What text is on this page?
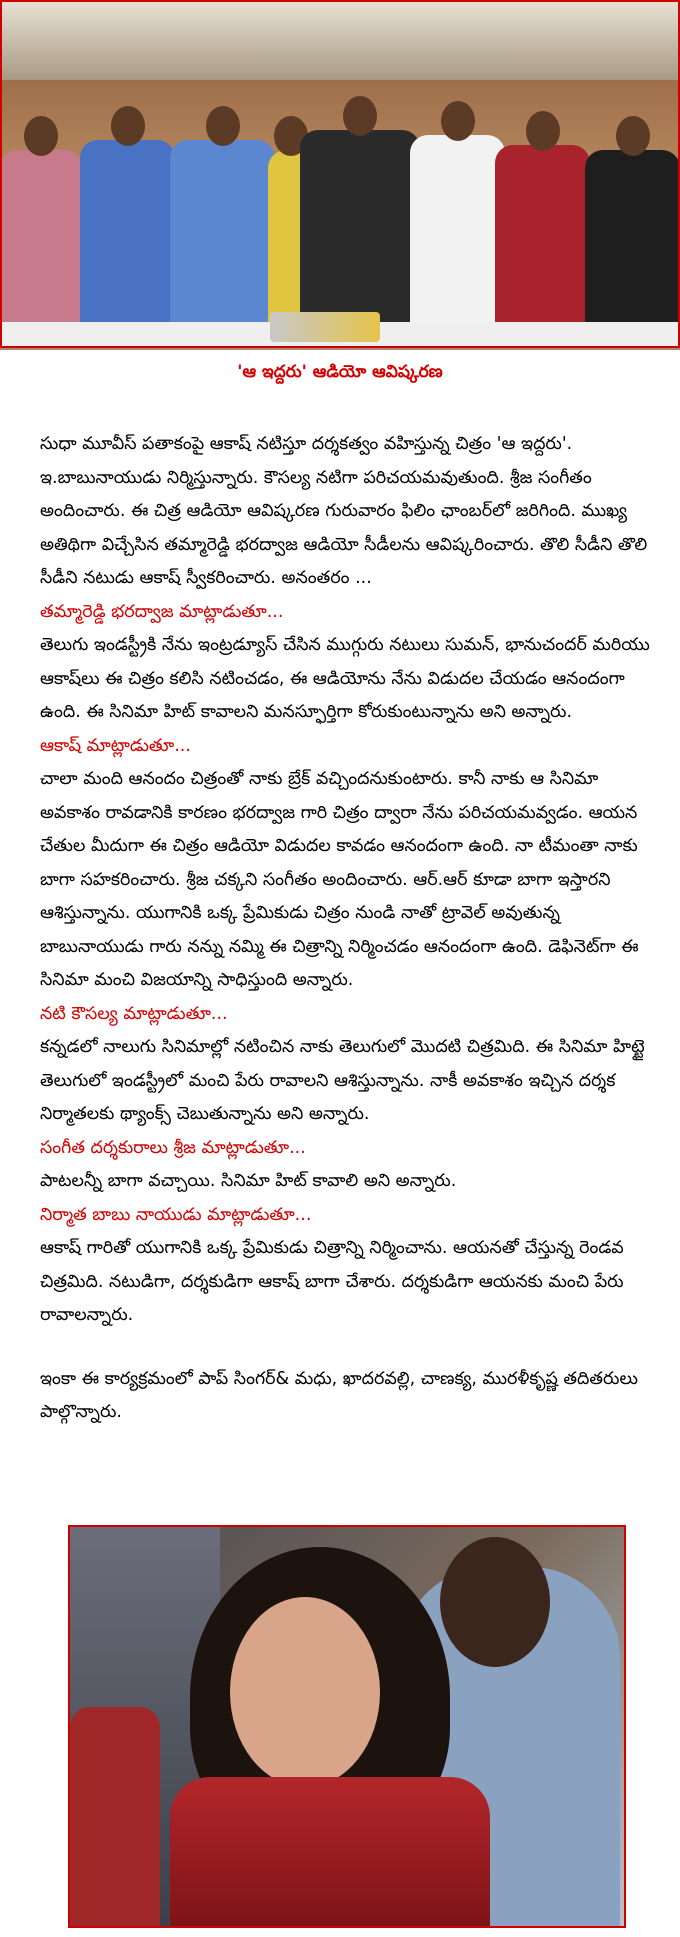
'ఆ ఇద్దరు' ఆడియో ఆవిష్కరణ

సుధా మూవీస్ పతాకంపై ఆకాష్ నటిస్తూ దర్శకత్వం వహిస్తున్న చిత్రం 'ఆ ఇద్దరు'. ఇ.బాబునాయుడు నిర్మిస్తున్నారు. కౌసల్య నటిగా పరిచయమవుతుంది. శ్రీజ సంగీతం అందించారు. ఈ చిత్ర ఆడియో ఆవిష్కరణ గురువారం ఫిలిం ఛాంబర్‌లో జరిగింది. ముఖ్య అతిథిగా విచ్చేసిన తమ్మారెడ్డి భరద్వాజ ఆడియో సీడీలను ఆవిష్కరించారు. తొలి సీడీని తొలి సీడీని నటుడు ఆకాష్ స్వీకరించారు. అనంతరం ...

తమ్మారెడ్డి భరద్వాజ మాట్లాడుతూ...

తెలుగు ఇండస్ట్రీకి నేను ఇంట్రడ్యూస్ చేసిన ముగ్గురు నటులు సుమన్, భానుచందర్ మరియు ఆకాష్‌లు ఈ చిత్రం కలిసి నటించడం, ఈ ఆడియోను నేను విడుదల చేయడం ఆనందంగా ఉంది. ఈ సినిమా హిట్ కావాలని మనస్ఫూర్తిగా కోరుకుంటున్నాను అని అన్నారు.

ఆకాష్ మాట్లాడుతూ...

చాలా మంది ఆనందం చిత్రంతో నాకు బ్రేక్ వచ్చిందనుకుంటారు. కానీ నాకు ఆ సినిమా అవకాశం రావడానికి కారణం భరద్వాజ గారి చిత్రం ద్వారా నేను పరిచయమవ్వడం. ఆయన చేతుల మీదుగా ఈ చిత్రం ఆడియో విడుదల కావడం ఆనందంగా ఉంది. నా టీమంతా నాకు బాగా సహకరించారు. శ్రీజ చక్కని సంగీతం అందించారు. ఆర్.ఆర్ కూడా బాగా ఇస్తారని ఆశిస్తున్నాను. యుగానికి ఒక్క ప్రేమికుడు చిత్రం నుండి నాతో ట్రావెల్ అవుతున్న బాబునాయుడు గారు నన్ను నమ్మి ఈ చిత్రాన్ని నిర్మించడం ఆనందంగా ఉంది. డెఫినెట్‌గా ఈ సినిమా మంచి విజయాన్ని సాధిస్తుంది అన్నారు.

నటి కౌసల్య మాట్లాడుతూ...

కన్నడలో నాలుగు సినిమాల్లో నటించిన నాకు తెలుగులో మొదటి చిత్రమిది. ఈ సినిమా హిట్టై తెలుగులో ఇండస్ట్రీలో మంచి పేరు రావాలని ఆశిస్తున్నాను. నాకీ అవకాశం ఇచ్చిన దర్శక నిర్మాతలకు థ్యాంక్స్ చెబుతున్నాను అని అన్నారు.

సంగీత దర్శకురాలు శ్రీజ మాట్లాడుతూ...

పాటలన్నీ బాగా వచ్చాయి. సినిమా హిట్ కావాలి అని అన్నారు.

నిర్మాత బాబు నాయుడు మాట్లాడుతూ...

ఆకాష్ గారితో యుగానికి ఒక్క ప్రేమికుడు చిత్రాన్ని నిర్మించాను. ఆయనతో చేస్తున్న రెండవ చిత్రమిది. నటుడిగా, దర్శకుడిగా ఆకాష్ బాగా చేశారు. దర్శకుడిగా ఆయనకు మంచి పేరు రావాలన్నారు.

ఇంకా ఈ కార్యక్రమంలో పాప్ సింగర్& మధు, ఖాదరవల్లి, చాణక్య, మురళీకృష్ణ తదితరులు పాల్గొన్నారు.
